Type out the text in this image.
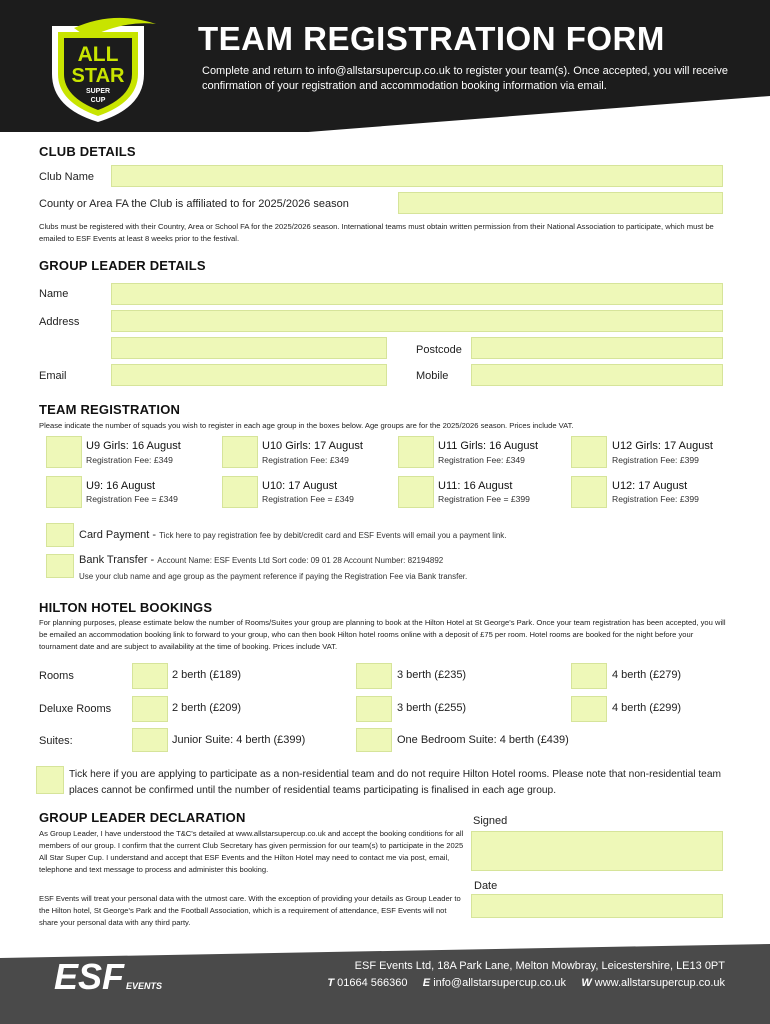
ALL
STAR
SUPER
CUP
TEAM REGISTRATION FORM
Complete and return to info@allstarsupercup.co.uk to register your team(s). Once accepted, you will receive confirmation of your registration and accommodation booking information via email.
CLUB DETAILS
Club Name
County or Area FA the Club is affiliated to for 2025/2026 season
Clubs must be registered with their Country, Area or School FA for the 2025/2026 season. International teams must obtain written permission from their National Association to participate, which must be emailed to ESF Events at least 8 weeks prior to the festival.
GROUP LEADER DETAILS
Name
Address
Postcode
Email	Mobile
TEAM REGISTRATION
Please indicate the number of squads you wish to register in each age group in the boxes below. Age groups are for the 2025/2026 season. Prices include VAT.
U9 Girls: 16 August
Registration Fee: £349
U10 Girls: 17 August
Registration Fee: £349
U11 Girls: 16 August
Registration Fee: £349
U12 Girls: 17 August
Registration Fee: £399
U9: 16 August
Registration Fee = £349
U10: 17 August
Registration Fee = £349
U11: 16 August
Registration Fee = £399
U12: 17 August
Registration Fee: £399
Card Payment - Tick here to pay registration fee by debit/credit card and ESF Events will email you a payment link.
Bank Transfer - Account Name: ESF Events Ltd Sort code: 09 01 28 Account Number: 82194892
Use your club name and age group as the payment reference if paying the Registration Fee via Bank transfer.
HILTON HOTEL BOOKINGS
For planning purposes, please estimate below the number of Rooms/Suites your group are planning to book at the Hilton Hotel at St George's Park. Once your team registration has been accepted, you will be emailed an accommodation booking link to forward to your group, who can then book Hilton hotel rooms online with a deposit of £75 per room. Hotel rooms are booked for the night before your tournament date and are subject to availability at the time of booking. Prices include VAT.
Rooms	2 berth (£189)	3 berth (£235)	4 berth (£279)
Deluxe Rooms	2 berth (£209)	3 berth (£255)	4 berth (£299)
Suites:	Junior Suite: 4 berth (£399)	One Bedroom Suite: 4 berth (£439)
Tick here if you are applying to participate as a non-residential team and do not require Hilton Hotel rooms. Please note that non-residential team places cannot be confirmed until the number of residential teams participating is finalised in each age group.
GROUP LEADER DECLARATION
As Group Leader, I have understood the T&C's detailed at www.allstarsupercup.co.uk and accept the booking conditions for all members of our group. I confirm that the current Club Secretary has given permission for our team(s) to participate in the 2025 All Star Super Cup. I understand and accept that ESF Events and the Hilton Hotel may need to contact me via post, email, telephone and text message to process and administer this booking.
ESF Events will treat your personal data with the utmost care. With the exception of providing your details as Group Leader to the Hilton hotel, St George's Park and the Football Association, which is a requirement of attendance, ESF Events will not share your personal data with any third party.
Signed
Date
ESF EVENTS
ESF Events Ltd, 18A Park Lane, Melton Mowbray, Leicestershire, LE13 0PT
T 01664 566360 E info@allstarsupercup.co.uk W www.allstarsupercup.co.uk
